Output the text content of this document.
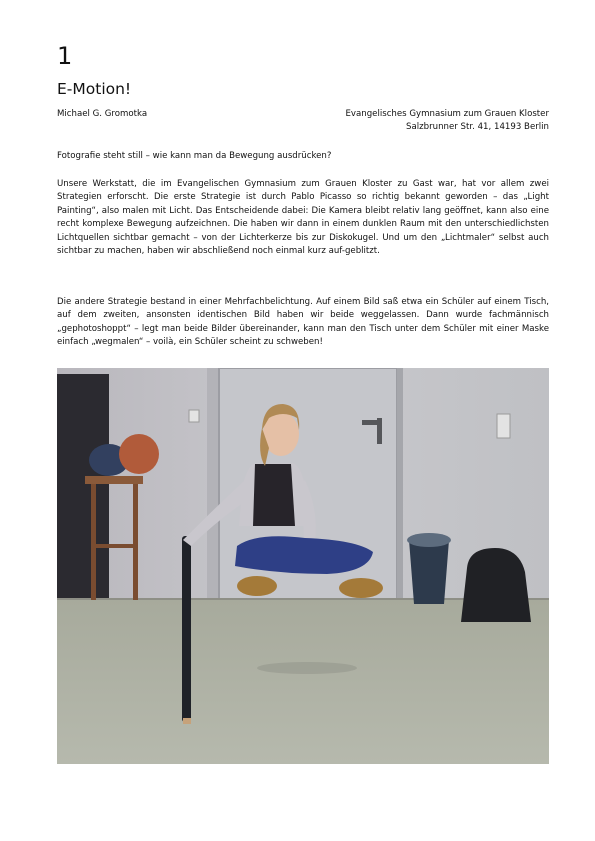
1
E-Motion!
Michael G. Gromotka	Evangelisches Gymnasium zum Grauen Kloster
Salzbrunner Str. 41, 14193 Berlin

Fotografie steht still – wie kann man da Bewegung ausdrücken?

Unsere Werkstatt, die im Evangelischen Gymnasium zum Grauen Kloster zu Gast war, hat vor allem zwei Strategien erforscht. Die erste Strategie ist durch Pablo Picasso so richtig bekannt geworden – das „Light Painting“, also malen mit Licht. Das Entscheidende dabei: Die Kamera bleibt relativ lang geöffnet, kann also eine recht komplexe Bewegung aufzeichnen. Die haben wir dann in einem dunklen Raum mit den unterschiedlichsten Lichtquellen sichtbar gemacht – von der Lichterkerze bis zur Diskokugel. Und um den „Lichtmaler“ selbst auch sichtbar zu machen, haben wir abschließend noch einmal kurz auf-geblitzt.

Die andere Strategie bestand in einer Mehrfachbelichtung. Auf einem Bild saß etwa ein Schüler auf einem Tisch, auf dem zweiten, ansonsten identischen Bild haben wir beide weggelassen. Dann wurde fachmännisch „gephotoshoppt“ – legt man beide Bilder übereinander, kann man den Tisch unter dem Schüler mit einer Maske einfach „wegmalen“ – voilà, ein Schüler scheint zu schweben!
